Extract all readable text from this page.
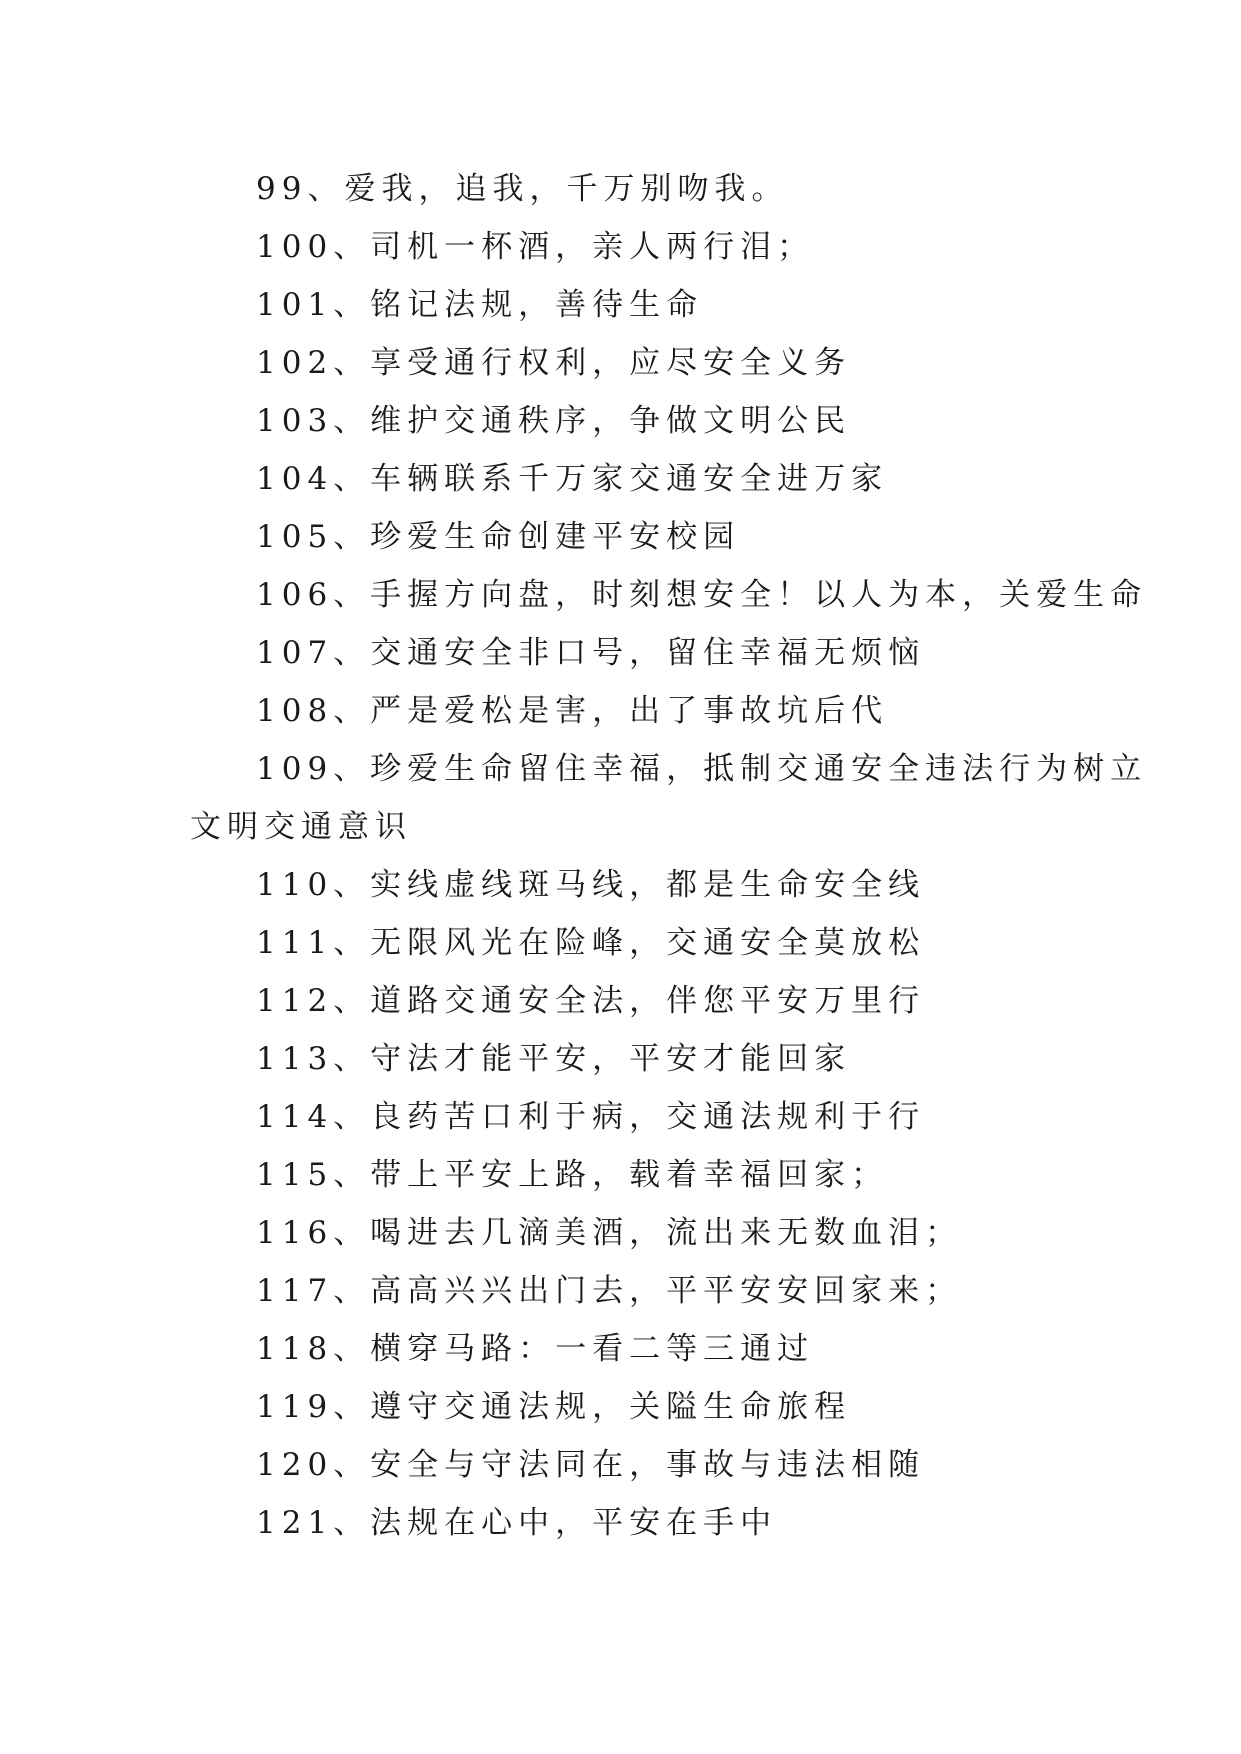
99、爱我，追我，千万别吻我。
100、司机一杯酒，亲人两行泪；
101、铭记法规，善待生命
102、享受通行权利，应尽安全义务
103、维护交通秩序，争做文明公民
104、车辆联系千万家交通安全进万家
105、珍爱生命创建平安校园
106、手握方向盘，时刻想安全！以人为本，关爱生命
107、交通安全非口号，留住幸福无烦恼
108、严是爱松是害，出了事故坑后代
109、珍爱生命留住幸福，抵制交通安全违法行为树立
文明交通意识
110、实线虚线斑马线，都是生命安全线
111、无限风光在险峰，交通安全莫放松
112、道路交通安全法，伴您平安万里行
113、守法才能平安，平安才能回家
114、良药苦口利于病，交通法规利于行
115、带上平安上路，载着幸福回家；
116、喝进去几滴美酒，流出来无数血泪；
117、高高兴兴出门去，平平安安回家来；
118、横穿马路：一看二等三通过
119、遵守交通法规，关隘生命旅程
120、安全与守法同在，事故与违法相随
121、法规在心中，平安在手中
